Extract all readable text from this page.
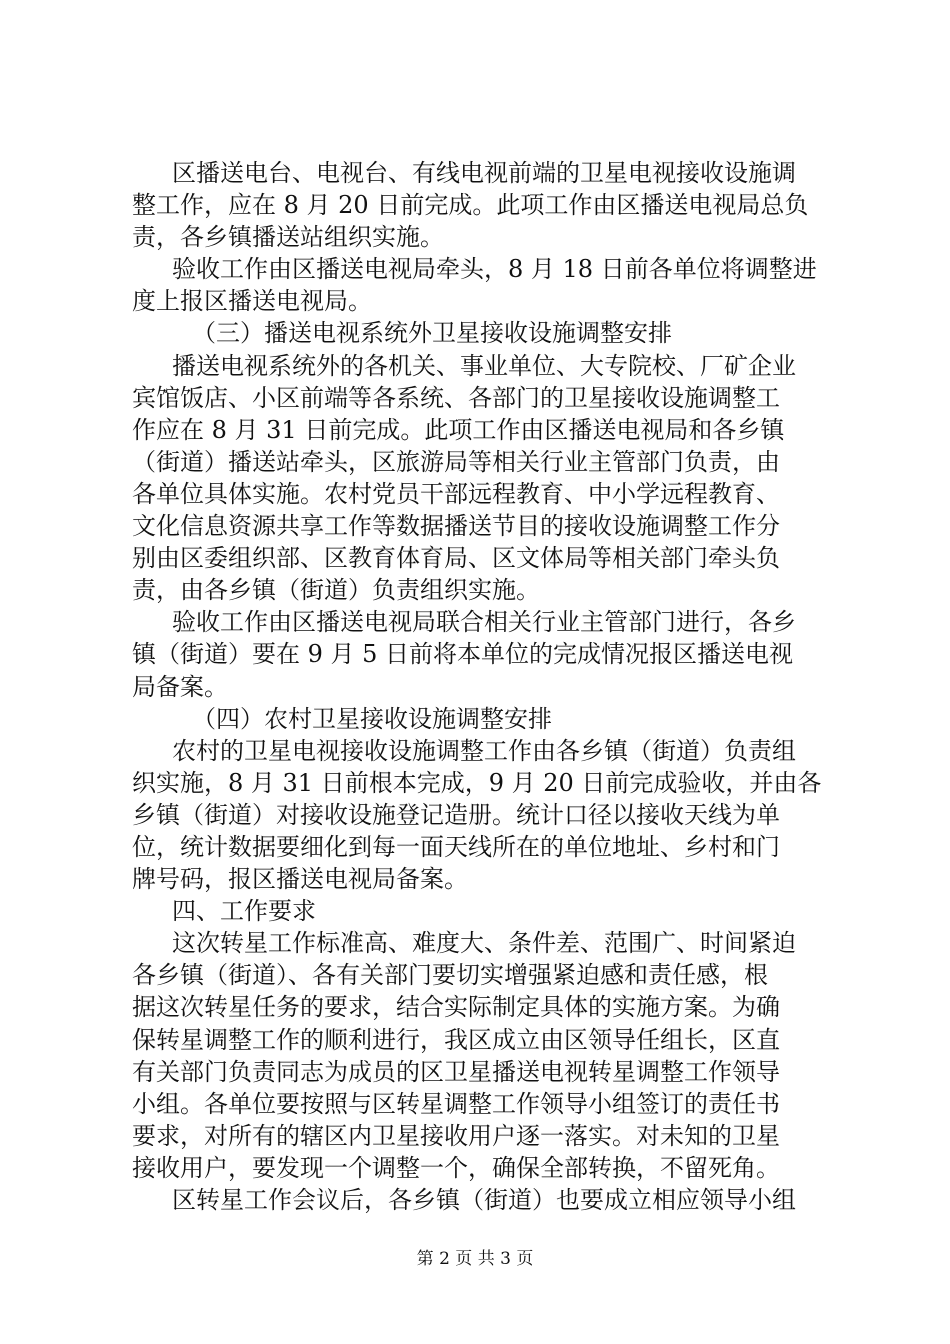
区播送电台、电视台、有线电视前端的卫星电视接收设施调
整工作，应在 8 月 20 日前完成。此项工作由区播送电视局总负
责，各乡镇播送站组织实施。
验收工作由区播送电视局牵头，8 月 18 日前各单位将调整进
度上报区播送电视局。
（三）播送电视系统外卫星接收设施调整安排
播送电视系统外的各机关、事业单位、大专院校、厂矿企业
宾馆饭店、小区前端等各系统、各部门的卫星接收设施调整工
作应在 8 月 31 日前完成。此项工作由区播送电视局和各乡镇
（街道）播送站牵头，区旅游局等相关行业主管部门负责，由
各单位具体实施。农村党员干部远程教育、中小学远程教育、
文化信息资源共享工作等数据播送节目的接收设施调整工作分
别由区委组织部、区教育体育局、区文体局等相关部门牵头负
责，由各乡镇（街道）负责组织实施。
验收工作由区播送电视局联合相关行业主管部门进行，各乡
镇（街道）要在 9 月 5 日前将本单位的完成情况报区播送电视
局备案。
（四）农村卫星接收设施调整安排
农村的卫星电视接收设施调整工作由各乡镇（街道）负责组
织实施，8 月 31 日前根本完成，9 月 20 日前完成验收，并由各
乡镇（街道）对接收设施登记造册。统计口径以接收天线为单
位，统计数据要细化到每一面天线所在的单位地址、乡村和门
牌号码，报区播送电视局备案。
四、工作要求
这次转星工作标准高、难度大、条件差、范围广、时间紧迫
各乡镇（街道）、各有关部门要切实增强紧迫感和责任感，根
据这次转星任务的要求，结合实际制定具体的实施方案。为确
保转星调整工作的顺利进行，我区成立由区领导任组长，区直
有关部门负责同志为成员的区卫星播送电视转星调整工作领导
小组。各单位要按照与区转星调整工作领导小组签订的责任书
要求，对所有的辖区内卫星接收用户逐一落实。对未知的卫星
接收用户，要发现一个调整一个，确保全部转换，不留死角。
区转星工作会议后，各乡镇（街道）也要成立相应领导小组
第 2 页 共 3 页
